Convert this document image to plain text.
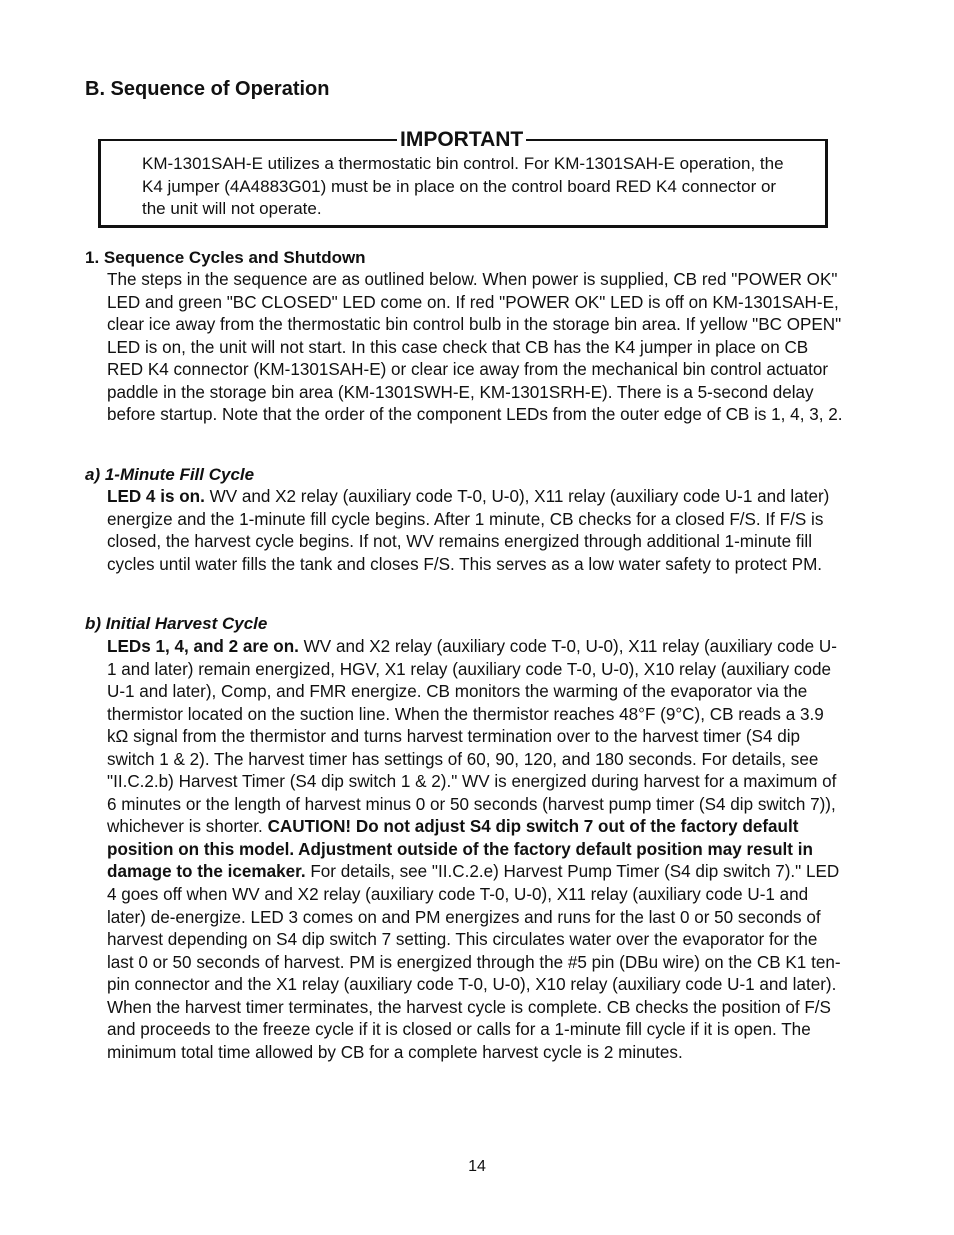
B. Sequence of Operation
IMPORTANT

KM-1301SAH-E utilizes a thermostatic bin control. For KM-1301SAH-E operation, the K4 jumper (4A4883G01) must be in place on the control board RED K4 connector or the unit will not operate.

1. Sequence Cycles and Shutdown

The steps in the sequence are as outlined below. When power is supplied, CB red "POWER OK" LED and green "BC CLOSED" LED come on. If red "POWER OK" LED is off on KM-1301SAH-E, clear ice away from the thermostatic bin control bulb in the storage bin area. If yellow "BC OPEN" LED is on, the unit will not start. In this case check that CB has the K4 jumper in place on CB RED K4 connector (KM-1301SAH-E) or clear ice away from the mechanical bin control actuator paddle in the storage bin area (KM-1301SWH-E, KM-1301SRH-E). There is a 5-second delay before startup. Note that the order of the component LEDs from the outer edge of CB is 1, 4, 3, 2.

a) 1-Minute Fill Cycle

LED 4 is on. WV and X2 relay (auxiliary code T-0, U-0), X11 relay (auxiliary code U-1 and later) energize and the 1-minute fill cycle begins. After 1 minute, CB checks for a closed F/S. If F/S is closed, the harvest cycle begins. If not, WV remains energized through additional 1-minute fill cycles until water fills the tank and closes F/S. This serves as a low water safety to protect PM.

b) Initial Harvest Cycle

LEDs 1, 4, and 2 are on. WV and X2 relay (auxiliary code T-0, U-0), X11 relay (auxiliary code U-1 and later) remain energized, HGV, X1 relay (auxiliary code T-0, U-0), X10 relay (auxiliary code U-1 and later), Comp, and FMR energize. CB monitors the warming of the evaporator via the thermistor located on the suction line. When the thermistor reaches 48°F (9°C), CB reads a 3.9 kΩ signal from the thermistor and turns harvest termination over to the harvest timer (S4 dip switch 1 & 2). The harvest timer has settings of 60, 90, 120, and 180 seconds. For details, see "II.C.2.b) Harvest Timer (S4 dip switch 1 & 2)." WV is energized during harvest for a maximum of 6 minutes or the length of harvest minus 0 or 50 seconds (harvest pump timer (S4 dip switch 7)), whichever is shorter. CAUTION! Do not adjust S4 dip switch 7 out of the factory default position on this model. Adjustment outside of the factory default position may result in damage to the icemaker. For details, see "II.C.2.e) Harvest Pump Timer (S4 dip switch 7)." LED 4 goes off when WV and X2 relay (auxiliary code T-0, U-0), X11 relay (auxiliary code U-1 and later) de-energize. LED 3 comes on and PM energizes and runs for the last 0 or 50 seconds of harvest depending on S4 dip switch 7 setting. This circulates water over the evaporator for the last 0 or 50 seconds of harvest. PM is energized through the #5 pin (DBu wire) on the CB K1 ten-pin connector and the X1 relay (auxiliary code T-0, U-0), X10 relay (auxiliary code U-1 and later). When the harvest timer terminates, the harvest cycle is complete. CB checks the position of F/S and proceeds to the freeze cycle if it is closed or calls for a 1-minute fill cycle if it is open. The minimum total time allowed by CB for a complete harvest cycle is 2 minutes.

14
